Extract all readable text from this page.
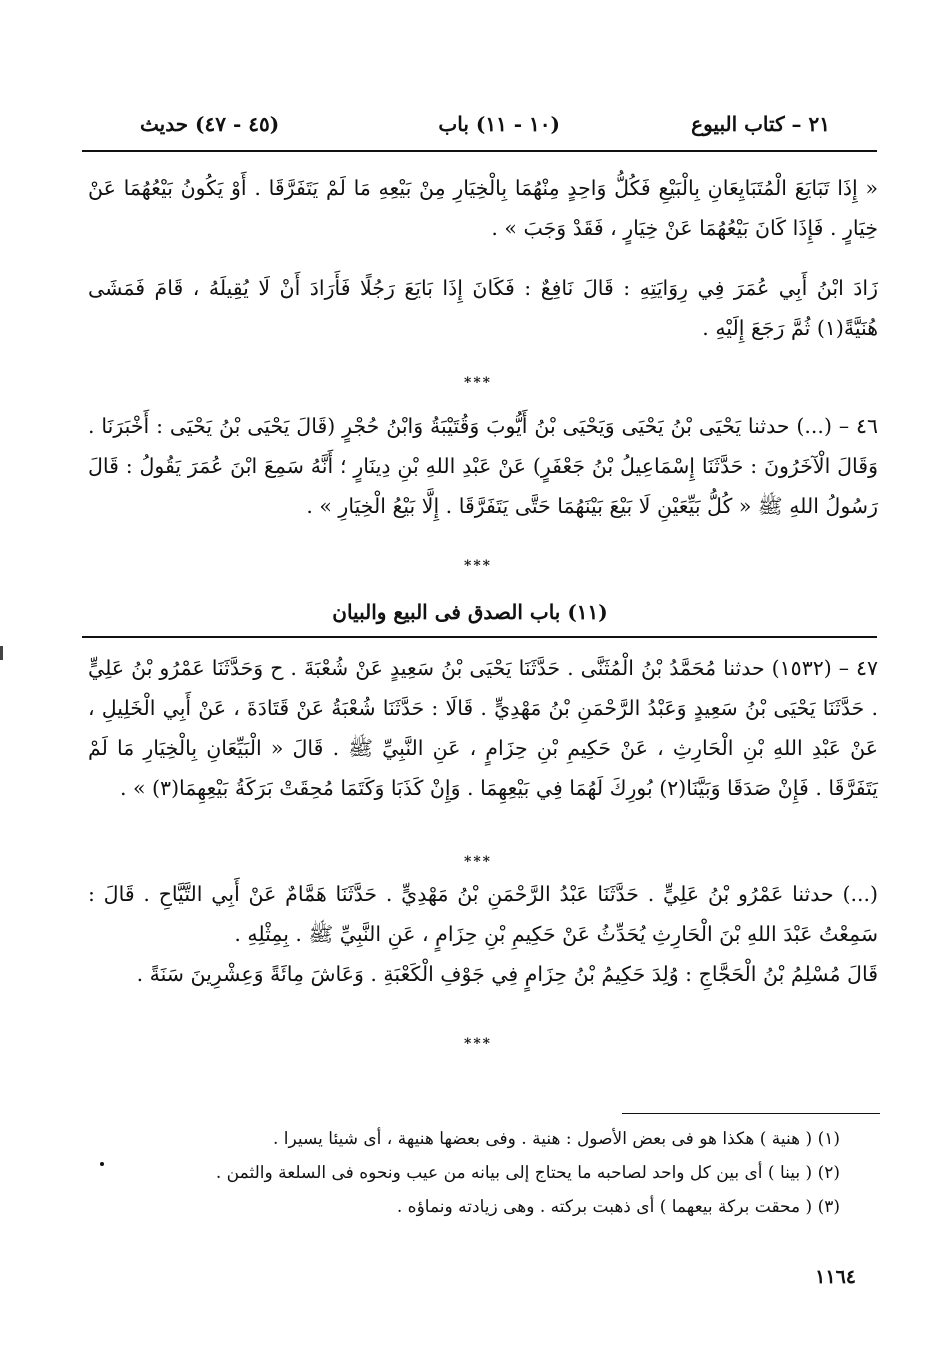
٢١ – كتاب البيوع
(١٠ - ١١) باب
(٤٥ - ٤٧) حديث
« إِذَا تَبَايَعَ الْمُتَبَايِعَانِ بِالْبَيْعِ فَكُلُّ وَاحِدٍ مِنْهُمَا بِالْخِيَارِ مِنْ بَيْعِهِ مَا لَمْ يَتَفَرَّقَا . أَوْ يَكُونُ بَيْعُهُمَا عَنْ خِيَارٍ . فَإِذَا كَانَ بَيْعُهُمَا عَنْ خِيَارٍ ، فَقَدْ وَجَبَ » .
زَادَ ابْنُ أَبِي عُمَرَ فِي رِوَايَتِهِ : قَالَ نَافِعٌ : فَكَانَ إِذَا بَايَعَ رَجُلًا فَأَرَادَ أَنْ لَا يُقِيلَهُ ، قَامَ فَمَشَى هُنَيَّةً(١) ثُمَّ رَجَعَ إِلَيْهِ .
***
٤٦ – (...) حدثنا يَحْيَى بْنُ يَحْيَى وَيَحْيَى بْنُ أَيُّوبَ وَقُتَيْبَةُ وَابْنُ حُجْرٍ (قَالَ يَحْيَى بْنُ يَحْيَى : أَخْبَرَنَا . وَقَالَ الْآخَرُونَ : حَدَّثَنَا إِسْمَاعِيلُ بْنُ جَعْفَرٍ) عَنْ عَبْدِ اللهِ بْنِ دِينَارٍ ؛ أَنَّهُ سَمِعَ ابْنَ عُمَرَ يَقُولُ : قَالَ رَسُولُ اللهِ ﷺ « كُلُّ بَيِّعَيْنِ لَا بَيْعَ بَيْنَهُمَا حَتَّى يَتَفَرَّقَا . إِلَّا بَيْعُ الْخِيَارِ » .
***
(١١) باب الصدق فى البيع والبيان
٤٧ – (١٥٣٢) حدثنا مُحَمَّدُ بْنُ الْمُثَنَّى . حَدَّثَنَا يَحْيَى بْنُ سَعِيدٍ عَنْ شُعْبَةَ . ح وَحَدَّثَنَا عَمْرُو بْنُ عَلِيٍّ . حَدَّثَنَا يَحْيَى بْنُ سَعِيدٍ وَعَبْدُ الرَّحْمَنِ بْنُ مَهْدِيٍّ . قَالَا : حَدَّثَنَا شُعْبَةُ عَنْ قَتَادَةَ ، عَنْ أَبِي الْخَلِيلِ ، عَنْ عَبْدِ اللهِ بْنِ الْحَارِثِ ، عَنْ حَكِيمِ بْنِ حِزَامٍ ، عَنِ النَّبِيِّ ﷺ . قَالَ « الْبَيِّعَانِ بِالْخِيَارِ مَا لَمْ يَتَفَرَّقَا . فَإِنْ صَدَقَا وَبَيَّنَا(٢) بُورِكَ لَهُمَا فِي بَيْعِهِمَا . وَإِنْ كَذَبَا وَكَتَمَا مُحِقَتْ بَرَكَةُ بَيْعِهِمَا(٣) » .
***
(...) حدثنا عَمْرُو بْنُ عَلِيٍّ . حَدَّثَنَا عَبْدُ الرَّحْمَنِ بْنُ مَهْدِيٍّ . حَدَّثَنَا هَمَّامٌ عَنْ أَبِي التَّيَّاحِ . قَالَ : سَمِعْتُ عَبْدَ اللهِ بْنَ الْحَارِثِ يُحَدِّثُ عَنْ حَكِيمِ بْنِ حِزَامٍ ، عَنِ النَّبِيِّ ﷺ . بِمِثْلِهِ .
قَالَ مُسْلِمُ بْنُ الْحَجَّاجِ : وُلِدَ حَكِيمُ بْنُ حِزَامٍ فِي جَوْفِ الْكَعْبَةِ . وَعَاشَ مِائَةً وَعِشْرِينَ سَنَةً .
***
(١) ( هنية ) هكذا هو فى بعض الأصول : هنية . وفى بعضها هنيهة ، أى شيئا يسيرا .
(٢) ( بينا ) أى بين كل واحد لصاحبه ما يحتاج إلى بيانه من عيب ونحوه فى السلعة والثمن .
(٣) ( محقت بركة بيعهما ) أى ذهبت بركته . وهى زيادته ونماؤه .
١١٦٤
